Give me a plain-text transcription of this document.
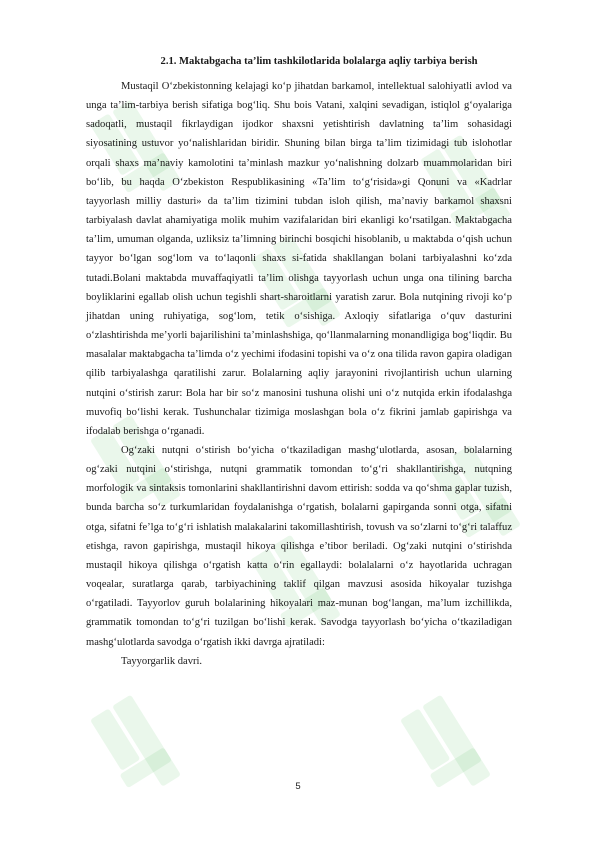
2.1. Maktabgacha ta’lim tashkilotlarida bolalarga aqliy tarbiya berish

Mustaqil O‘zbekistonning kelajagi ko‘p jihatdan barkamol, intellektual salohiyatli avlod va unga ta’lim-tarbiya berish sifatiga bog‘liq. Shu bois Vatani, xalqini sevadigan, istiqlol g‘oyalariga sadoqatli, mustaqil fikrlaydigan ijodkor shaxsni yetishtirish davlatning ta’lim sohasidagi siyosatining ustuvor yo‘nalishlaridan biridir. Shuning bilan birga ta’lim tizimidagi tub islohotlar orqali shaxs ma’naviy kamolotini ta’minlash mazkur yo‘nalishning dolzarb muammolaridan biri bo‘lib, bu haqda O‘zbekiston Respublikasining «Ta’lim to‘g‘risida»gi Qonuni va «Kadrlar tayyorlash milliy dasturi» da ta’lim tizimini tubdan isloh qilish, ma’naviy barkamol shaxsni tarbiyalash davlat ahamiyatiga molik muhim vazifalaridan biri ekanligi ko‘rsatilgan. Maktabgacha ta’lim, umuman olganda, uzliksiz ta’limning birinchi bosqichi hisoblanib, u maktabda o‘qish uchun tayyor bo‘lgan sog‘lom va to‘laqonli shaxs si-fatida shakllangan bolani tarbiyalashni ko‘zda tutadi.Bolani maktabda muvaffaqiyatli ta’lim olishga tayyorlash uchun unga ona tilining barcha boyliklarini egallab olish uchun tegishli shart-sharoitlarni yaratish zarur. Bola nutqining rivoji ko‘p jihatdan uning ruhiyatiga, sog‘lom, tetik o‘sishiga. Axloqiy sifatlariga o‘quv dasturini o‘zlashtirishda me’yorli bajarilishini ta’minlashshiga, qo‘llanmalarning monandligiga bog‘liqdir. Bu masalalar maktabgacha ta’limda o‘z yechimi ifodasini topishi va o‘z ona tilida ravon gapira oladigan qilib tarbiyalashga qaratilishi zarur. Bolalarning aqliy jarayonini rivojlantirish uchun ularning nutqini o‘stirish zarur: Bola har bir so‘z manosini tushuna olishi uni o‘z nutqida erkin ifodalashga muvofiq bo‘lishi kerak. Tushunchalar tizimiga moslashgan bola o‘z fikrini jamlab gapirishga va ifodalab berishga o‘rganadi.

Og‘zaki nutqni o‘stirish bo‘yicha o‘tkaziladigan mashg‘ulotlarda, asosan, bolalarning og‘zaki nutqini o‘stirishga, nutqni grammatik tomondan to‘g‘ri shakllantirishga, nutqning morfologik va sintaksis tomonlarini shakllantirishni davom ettirish: sodda va qo‘shma gaplar tuzish, bunda barcha so‘z turkumlaridan foydalanishga o‘rgatish, bolalarni gapirganda sonni otga, sifatni otga, sifatni fe’lga to‘g‘ri ishlatish malakalarini takomillashtirish, tovush va so‘zlarni to‘g‘ri talaffuz etishga, ravon gapirishga, mustaqil hikoya qilishga e’tibor beriladi. Og‘zaki nutqini o‘stirishda mustaqil hikoya qilishga o‘rgatish katta o‘rin egallaydi: bolalalarni o‘z hayotlarida uchragan voqealar, suratlarga qarab, tarbiyachining taklif qilgan mavzusi asosida hikoyalar tuzishga o‘rgatiladi. Tayyorlov guruh bolalarining hikoyalari maz-munan bog‘langan, ma’lum izchillikda, grammatik tomondan to‘g‘ri tuzilgan bo‘lishi kerak. Savodga tayyorlash bo‘yicha o‘tkaziladigan mashg‘ulotlarda savodga o‘rgatish ikki davrga ajratiladi:

Tayyorgarlik davri.

5
